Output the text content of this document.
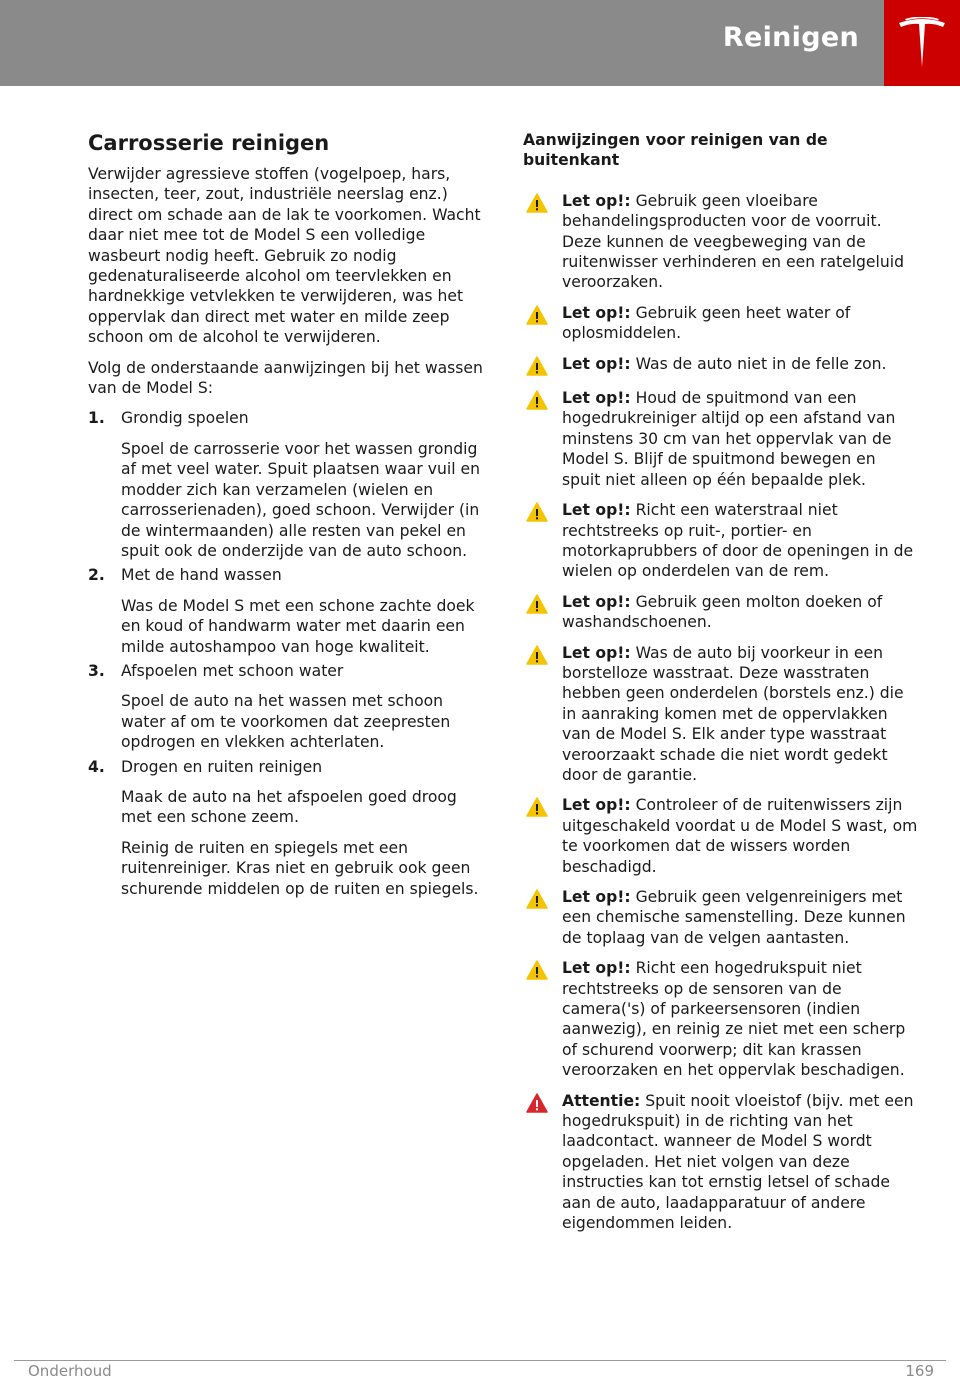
Reinigen
Carrosserie reinigen
Verwijder agressieve stoffen (vogelpoep, hars, insecten, teer, zout, industriële neerslag enz.) direct om schade aan de lak te voorkomen. Wacht daar niet mee tot de Model S een volledige wasbeurt nodig heeft. Gebruik zo nodig gedenaturaliseerde alcohol om teervlekken en hardnekkige vetvlekken te verwijderen, was het oppervlak dan direct met water en milde zeep schoon om de alcohol te verwijderen.
Volg de onderstaande aanwijzingen bij het wassen van de Model S:
1. Grondig spoelen
Spoel de carrosserie voor het wassen grondig af met veel water. Spuit plaatsen waar vuil en modder zich kan verzamelen (wielen en carrosserienaden), goed schoon. Verwijder (in de wintermaanden) alle resten van pekel en spuit ook de onderzijde van de auto schoon.
2. Met de hand wassen
Was de Model S met een schone zachte doek en koud of handwarm water met daarin een milde autoshampoo van hoge kwaliteit.
3. Afspoelen met schoon water
Spoel de auto na het wassen met schoon water af om te voorkomen dat zeepresten opdrogen en vlekken achterlaten.
4. Drogen en ruiten reinigen
Maak de auto na het afspoelen goed droog met een schone zeem.
Reinig de ruiten en spiegels met een ruitenreiniger. Kras niet en gebruik ook geen schurende middelen op de ruiten en spiegels.
Aanwijzingen voor reinigen van de buitenkant
Let op!: Gebruik geen vloeibare behandelingsproducten voor de voorruit. Deze kunnen de veegbeweging van de ruitenwisser verhinderen en een ratelgeluid veroorzaken.
Let op!: Gebruik geen heet water of oplosmiddelen.
Let op!: Was de auto niet in de felle zon.
Let op!: Houd de spuitmond van een hogedrukreiniger altijd op een afstand van minstens 30 cm van het oppervlak van de Model S. Blijf de spuitmond bewegen en spuit niet alleen op één bepaalde plek.
Let op!: Richt een waterstraal niet rechtstreeks op ruit-, portier- en motorkaprubbers of door de openingen in de wielen op onderdelen van de rem.
Let op!: Gebruik geen molton doeken of washandschoenen.
Let op!: Was de auto bij voorkeur in een borstelloze wasstraat. Deze wasstraten hebben geen onderdelen (borstels enz.) die in aanraking komen met de oppervlakken van de Model S. Elk ander type wasstraat veroorzaakt schade die niet wordt gedekt door de garantie.
Let op!: Controleer of de ruitenwissers zijn uitgeschakeld voordat u de Model S wast, om te voorkomen dat de wissers worden beschadigd.
Let op!: Gebruik geen velgenreinigers met een chemische samenstelling. Deze kunnen de toplaag van de velgen aantasten.
Let op!: Richt een hogedrukspuit niet rechtstreeks op de sensoren van de camera('s) of parkeersensoren (indien aanwezig), en reinig ze niet met een scherp of schurend voorwerp; dit kan krassen veroorzaken en het oppervlak beschadigen.
Attentie: Spuit nooit vloeistof (bijv. met een hogedrukspuit) in de richting van het laadcontact. wanneer de Model S wordt opgeladen. Het niet volgen van deze instructies kan tot ernstig letsel of schade aan de auto, laadapparatuur of andere eigendommen leiden.
Onderhoud	169
